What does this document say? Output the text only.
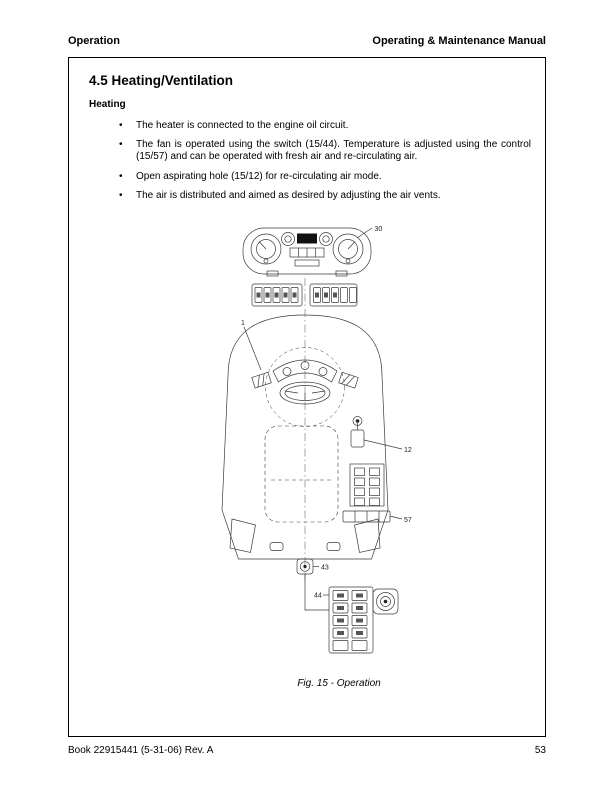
Operation	Operating & Maintenance Manual
4.5 Heating/Ventilation
Heating
• The heater is connected to the engine oil circuit.

• The fan is operated using the switch (15/44). Temperature is adjusted using the control (15/57) and can be operated with fresh air and re-circulating air.

• Open aspirating hole (15/12) for re-circulating air mode.

• The air is distributed and aimed as desired by adjusting the air vents.

30
1
12
57
43
44
Fig. 15 - Operation
Book 22915441 (5-31-06) Rev. A	53
